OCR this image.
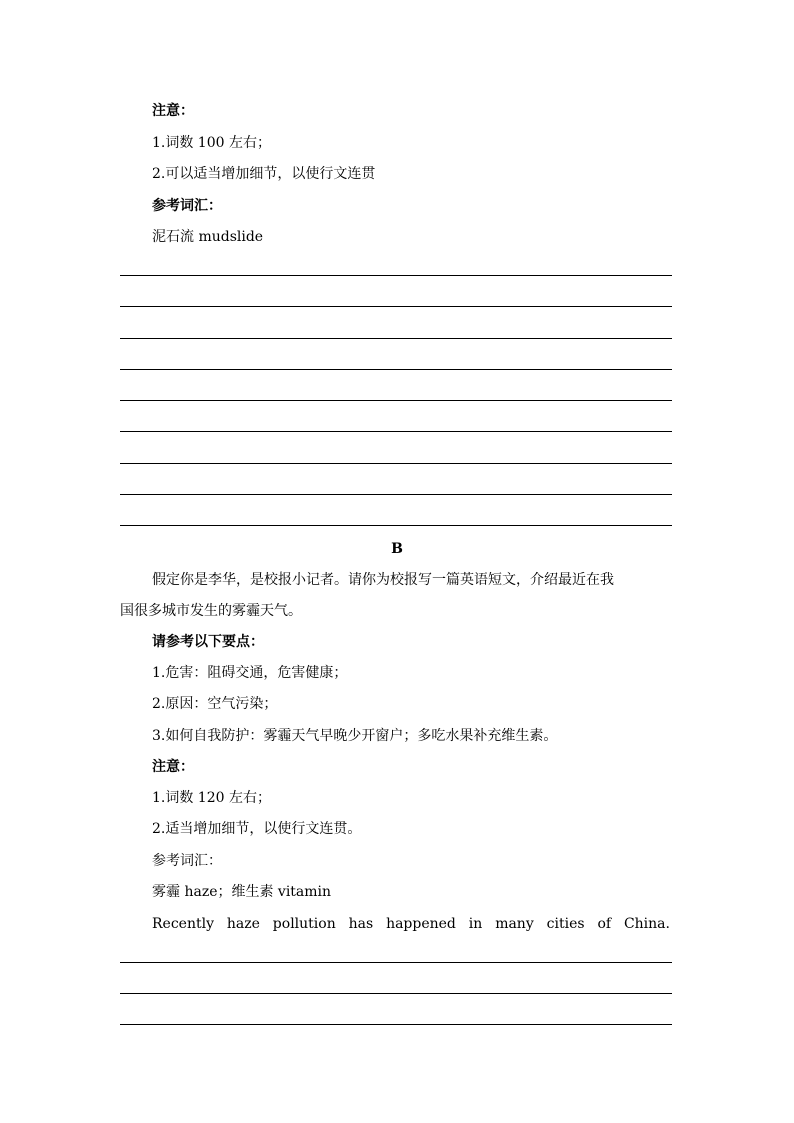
注意：
1.词数 100 左右；
2.可以适当增加细节，以使行文连贯
参考词汇：
泥石流 mudslide
B
假定你是李华，是校报小记者。请你为校报写一篇英语短文，介绍最近在我
国很多城市发生的雾霾天气。
请参考以下要点：
1.危害：阻碍交通，危害健康；
2.原因：空气污染；
3.如何自我防护：雾霾天气早晚少开窗户；多吃水果补充维生素。
注意：
1.词数 120 左右；
2.适当增加细节，以使行文连贯。
参考词汇：
雾霾 haze；维生素 vitamin
Recently haze pollution has happened in many cities of China.
